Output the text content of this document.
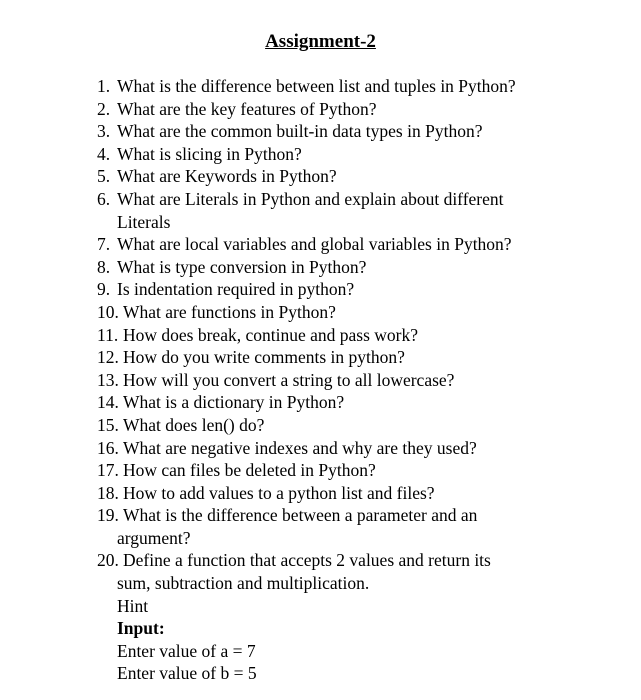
Assignment-2
1. What is the difference between list and tuples in Python?
2. What are the key features of Python?
3. What are the common built-in data types in Python?
4. What is slicing in Python?
5. What are Keywords in Python?
6. What are Literals in Python and explain about different
Literals
7. What are local variables and global variables in Python?
8. What is type conversion in Python?
9. Is indentation required in python?
10. What are functions in Python?
11. How does break, continue and pass work?
12. How do you write comments in python?
13. How will you convert a string to all lowercase?
14. What is a dictionary in Python?
15. What does len() do?
16. What are negative indexes and why are they used?
17. How can files be deleted in Python?
18. How to add values to a python list and files?
19. What is the difference between a parameter and an
argument?
20. Define a function that accepts 2 values and return its
sum, subtraction and multiplication.
Hint
Input:
Enter value of a = 7
Enter value of b = 5
